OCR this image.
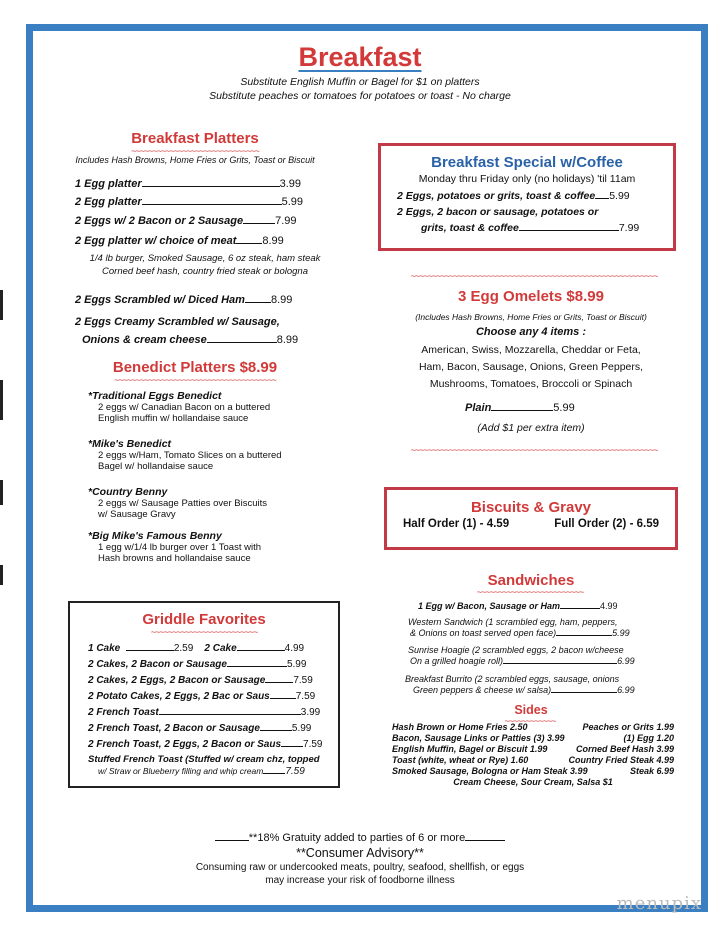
Breakfast
Substitute English Muffin or Bagel for $1 on platters
Substitute peaches or tomatoes for potatoes or toast - No charge
Breakfast Platters
~~~~~~~~~~~~~~~~~~~~~~~~~~~~~~
Includes Hash Browns, Home Fries or Grits, Toast or Biscuit
1 Egg platter	3.99
2 Egg platter	5.99
2 Eggs w/ 2 Bacon or 2 Sausage	7.99
2 Egg platter w/ choice of meat 8.99
1/4 lb burger, Smoked Sausage, 6 oz steak, ham steak
Corned beef hash, country fried steak or bologna
2 Eggs Scrambled w/ Diced Ham 8.99
2 Eggs Creamy Scrambled w/ Sausage,
Onions & cream cheese	8.99
Benedict Platters $8.99
~~~~~~~~~~~~~~~~~~~~~~~~~~~~~~~~~~~~~~
*Traditional Eggs Benedict
2 eggs w/ Canadian Bacon on a buttered
English muffin w/ hollandaise sauce
*Mike's Benedict
2 eggs w/Ham, Tomato Slices on a buttered
Bagel w/ hollandaise sauce
*Country Benny
2 eggs w/ Sausage Patties over Biscuits
w/ Sausage Gravy
*Big Mike's Famous Benny
1 egg w/1/4 lb burger over 1 Toast with
Hash browns and hollandaise sauce
Griddle Favorites
~~~~~~~~~~~~~~~~~~~~~~~~~
1 Cake	2.59 2 Cake	4.99
2 Cakes, 2 Bacon or Sausage	5.99
2 Cakes, 2 Eggs, 2 Bacon or Sausage	7.59
2 Potato Cakes, 2 Eggs, 2 Bac or Saus	7.59
2 French Toast	3.99
2 French Toast, 2 Bacon or Sausage	5.99
2 French Toast, 2 Eggs, 2 Bacon or Saus 7.59
Stuffed French Toast (Stuffed w/ cream chz, topped
w/ Straw or Blueberry filling and whip cream 7.59
Breakfast Special w/Coffee
Monday thru Friday only (no holidays) 'til 11am
2 Eggs, potatoes or grits, toast & coffee 5.99
2 Eggs, 2 bacon or sausage, potatoes or
grits, toast & coffee	7.99
~~~~~~~~~~~~~~~~~~~~~~~~~~~~~~~~~~~~~~~~~~~~~~~~~~~~~~~~~~
3 Egg Omelets $8.99
(Includes Hash Browns, Home Fries or Grits, Toast or Biscuit)
Choose any 4 items :
American, Swiss, Mozzarella, Cheddar or Feta,
Ham, Bacon, Sausage, Onions, Green Peppers,
Mushrooms, Tomatoes, Broccoli or Spinach
Plain	5.99
(Add $1 per extra item)
~~~~~~~~~~~~~~~~~~~~~~~~~~~~~~~~~~~~~~~~~~~~~~~~~~~~~~~~~~
Biscuits & Gravy
Half Order (1) - 4.59	Full Order (2) - 6.59
Sandwiches
~~~~~~~~~~~~~~~~~~~~~~~~~
1 Egg w/ Bacon, Sausage or Ham	4.99
Western Sandwich (1 scrambled egg, ham, peppers,
& Onions on toast served open face)	5.99
Sunrise Hoagie (2 scrambled eggs, 2 bacon w/cheese
On a grilled hoagie roll)	6.99
Breakfast Burrito (2 scrambled eggs, sausage, onions
Green peppers & cheese w/ salsa)	6.99
Sides
~~~~~~~~~~~~
Hash Brown or Home Fries 2.50	Peaches or Grits 1.99
Bacon, Sausage Links or Patties (3) 3.99	(1) Egg 1.20
English Muffin, Bagel or Biscuit 1.99	Corned Beef Hash 3.99
Toast (white, wheat or Rye) 1.60	Country Fried Steak 4.99
Smoked Sausage, Bologna or Ham Steak 3.99	Steak 6.99
Cream Cheese, Sour Cream, Salsa $1
**18% Gratuity added to parties of 6 or more
**Consumer Advisory**
Consuming raw or undercooked meats, poultry, seafood, shellfish, or eggs
may increase your risk of foodborne illness
menupix
